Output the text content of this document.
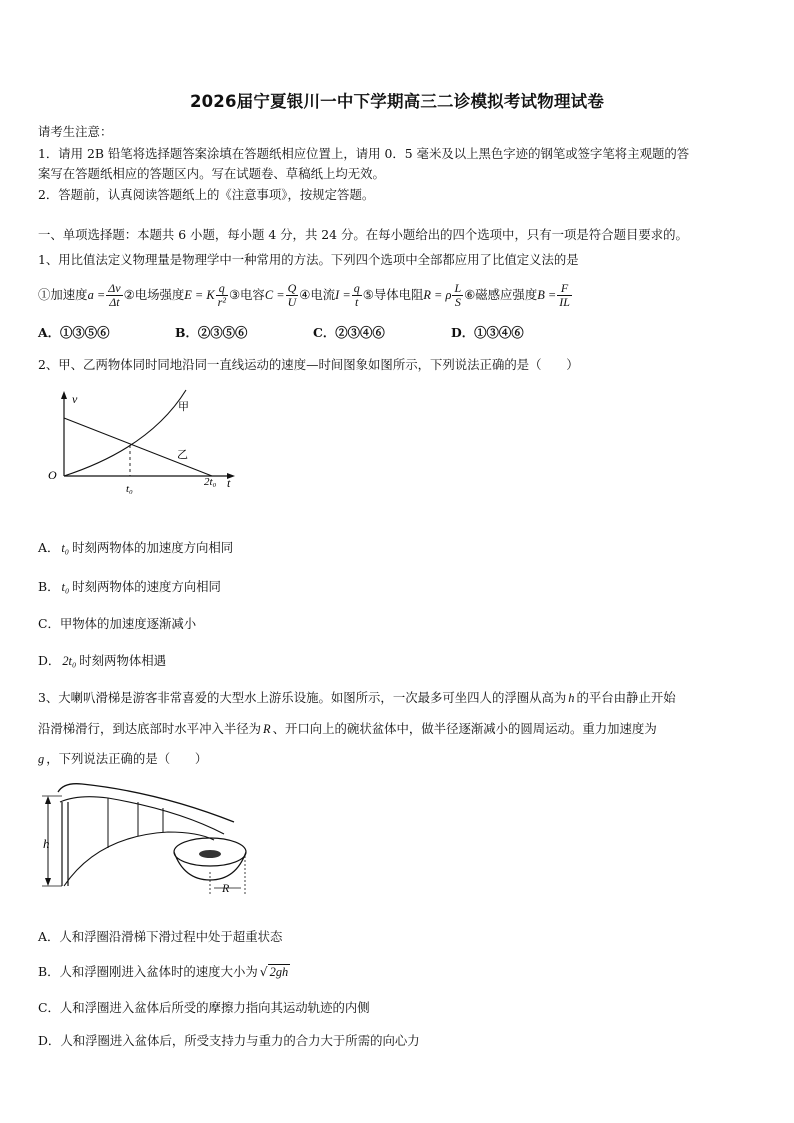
2026届宁夏银川一中下学期高三二诊模拟考试物理试卷
请考生注意：
1．请用 2B 铅笔将选择题答案涂填在答题纸相应位置上，请用 0．5 毫米及以上黑色字迹的钢笔或签字笔将主观题的答
案写在答题纸相应的答题区内。写在试题卷、草稿纸上均无效。
2．答题前，认真阅读答题纸上的《注意事项》，按规定答题。
一、单项选择题：本题共 6 小题，每小题 4 分，共 24 分。在每小题给出的四个选项中，只有一项是符合题目要求的。
1、用比值法定义物理量是物理学中一种常用的方法。下列四个选项中全部都应用了比值定义法的是
①加速度$a = \frac{\Delta v}{\Delta t}$ ②电场强度E = K $\frac{q}{\text{r²}}$ ③电容$C = \frac{Q}{U}$ ④电流$I = \frac{q}{t}$ ⑤导体电阻R = ρ $\frac{L}{S}$ ⑥磁感应强度$B = \frac{F}{IL}$
A．①③⑤⑥	B．②③⑤⑥	C．②③④⑥	D．①③④⑥
2、甲、乙两物体同时同地沿同一直线运动的速度—时间图象如图所示，下列说法正确的是（　　）
v
O
t₀
2t₀ t
甲
乙
A． t₀ 时刻两物体的加速度方向相同
B． t₀ 时刻两物体的速度方向相同
C．甲物体的加速度逐渐减小
D． 2t₀ 时刻两物体相遇
3、大喇叭滑梯是游客非常喜爱的大型水上游乐设施。如图所示，一次最多可坐四人的浮圈从高为 h 的平台由静止开始
沿滑梯滑行，到达底部时水平冲入半径为 R 、开口向上的碗状盆体中，做半径逐渐减小的圆周运动。重力加速度为
g ，下列说法正确的是（　　）
h
R
A．人和浮圈沿滑梯下滑过程中处于超重状态
B．人和浮圈刚进入盆体时的速度大小为 √ 2gh
C．人和浮圈进入盆体后所受的摩擦力指向其运动轨迹的内侧
D．人和浮圈进入盆体后，所受支持力与重力的合力大于所需的向心力
